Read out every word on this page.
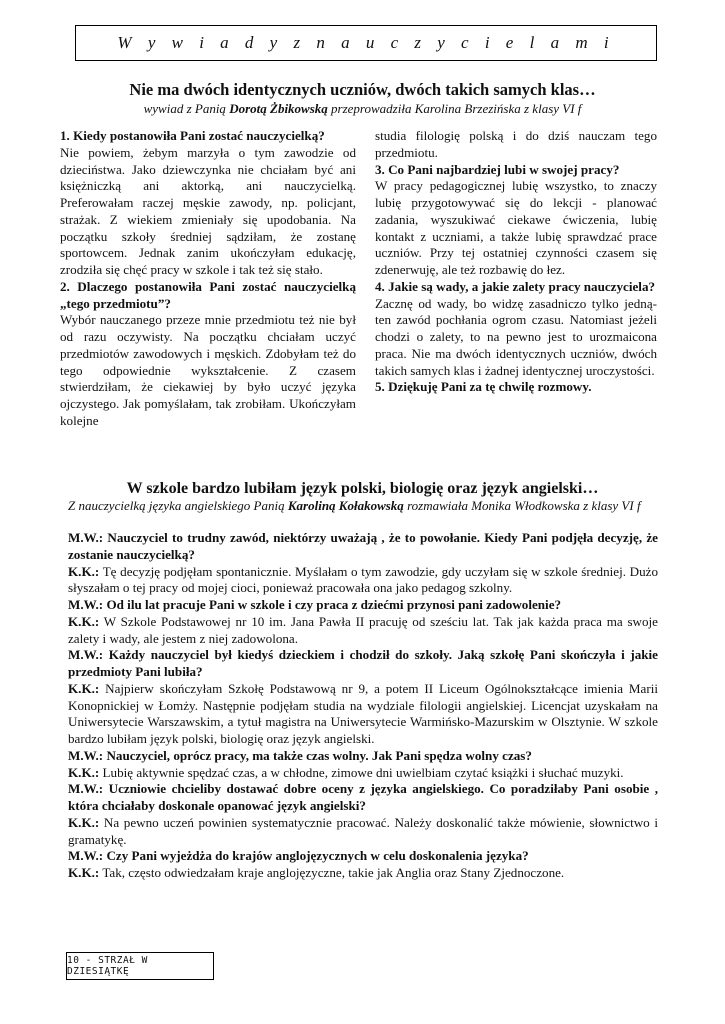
W y w i a d y z n a u c z y c i e l a m i
Nie ma dwóch identycznych uczniów, dwóch takich samych klas…
wywiad z Panią Dorotą Żbikowską przeprowadziła Karolina Brzezińska z klasy VI f

1. Kiedy postanowiła Pani zostać nauczycielką?

Nie powiem, żebym marzyła o tym zawodzie od dzieciństwa. Jako dziewczynka nie chciałam być ani księżniczką ani aktorką, ani nauczycielką. Preferowałam raczej męskie zawody, np. policjant, strażak. Z wiekiem zmieniały się upodobania. Na początku szkoły średniej sądziłam, że zostanę sportowcem. Jednak zanim ukończyłam edukację, zrodziła się chęć pracy w szkole i tak też się stało.

2. Dlaczego postanowiła Pani zostać nauczycielką „tego przedmiotu”?

Wybór nauczanego przeze mnie przedmiotu też nie był od razu oczywisty. Na początku chciałam uczyć przedmiotów zawodowych i męskich. Zdobyłam też do tego odpowiednie wykształcenie. Z czasem stwierdziłam, że ciekawiej by było uczyć języka ojczystego. Jak pomyślałam, tak zrobiłam. Ukończyłam kolejne

studia filologię polską i do dziś nauczam tego przedmiotu.

3. Co Pani najbardziej lubi w swojej pracy?

W pracy pedagogicznej lubię wszystko, to znaczy lubię przygotowywać się do lekcji - planować zadania, wyszukiwać ciekawe ćwiczenia, lubię kontakt z uczniami, a także lubię sprawdzać prace uczniów. Przy tej ostatniej czynności czasem się zdenerwuję, ale też rozbawię do łez.

4. Jakie są wady, a jakie zalety pracy nauczyciela?

Zacznę od wady, bo widzę zasadniczo tylko jedną- ten zawód pochłania ogrom czasu. Natomiast jeżeli chodzi o zalety, to na pewno jest to urozmaicona praca. Nie ma dwóch identycznych uczniów, dwóch takich samych klas i żadnej identycznej uroczystości.

5. Dziękuję Pani za tę chwilę rozmowy.

W szkole bardzo lubiłam język polski, biologię oraz język angielski…
Z nauczycielką języka angielskiego Panią Karoliną Kołakowską rozmawiała Monika Włodkowska z klasy VI f

M.W.: Nauczyciel to trudny zawód, niektórzy uważają , że to powołanie. Kiedy Pani podjęła decyzję, że zostanie nauczycielką?

K.K.: Tę decyzję podjęłam spontanicznie. Myślałam o tym zawodzie, gdy uczyłam się w szkole średniej. Dużo słyszałam o tej pracy od mojej cioci, ponieważ pracowała ona jako pedagog szkolny.

M.W.: Od ilu lat pracuje Pani w szkole i czy praca z dziećmi przynosi pani zadowolenie?

K.K.: W Szkole Podstawowej nr 10 im. Jana Pawła II pracuję od sześciu lat. Tak jak każda praca ma swoje zalety i wady, ale jestem z niej zadowolona.

M.W.: Każdy nauczyciel był kiedyś dzieckiem i chodził do szkoły. Jaką szkołę Pani skończyła i jakie przedmioty Pani lubiła?

K.K.: Najpierw skończyłam Szkołę Podstawową nr 9, a potem II Liceum Ogólnokształcące imienia Marii Konopnickiej w Łomży. Następnie podjęłam studia na wydziale filologii angielskiej. Licencjat uzyskałam na Uniwersytecie Warszawskim, a tytuł magistra na Uniwersytecie Warmińsko-Mazurskim w Olsztynie. W szkole bardzo lubiłam język polski, biologię oraz język angielski.

M.W.: Nauczyciel, oprócz pracy, ma także czas wolny. Jak Pani spędza wolny czas?

K.K.: Lubię aktywnie spędzać czas, a w chłodne, zimowe dni uwielbiam czytać książki i słuchać muzyki.

M.W.: Uczniowie chcieliby dostawać dobre oceny z języka angielskiego. Co poradziłaby Pani osobie , która chciałaby doskonale opanować język angielski?

K.K.: Na pewno uczeń powinien systematycznie pracować. Należy doskonalić także mówienie, słownictwo i gramatykę.

M.W.: Czy Pani wyjeżdża do krajów anglojęzycznych w celu doskonalenia języka?

K.K.: Tak, często odwiedzałam kraje anglojęzyczne, takie jak Anglia oraz Stany Zjednoczone.

10 - STRZAŁ W DZIESIĄTKĘ
